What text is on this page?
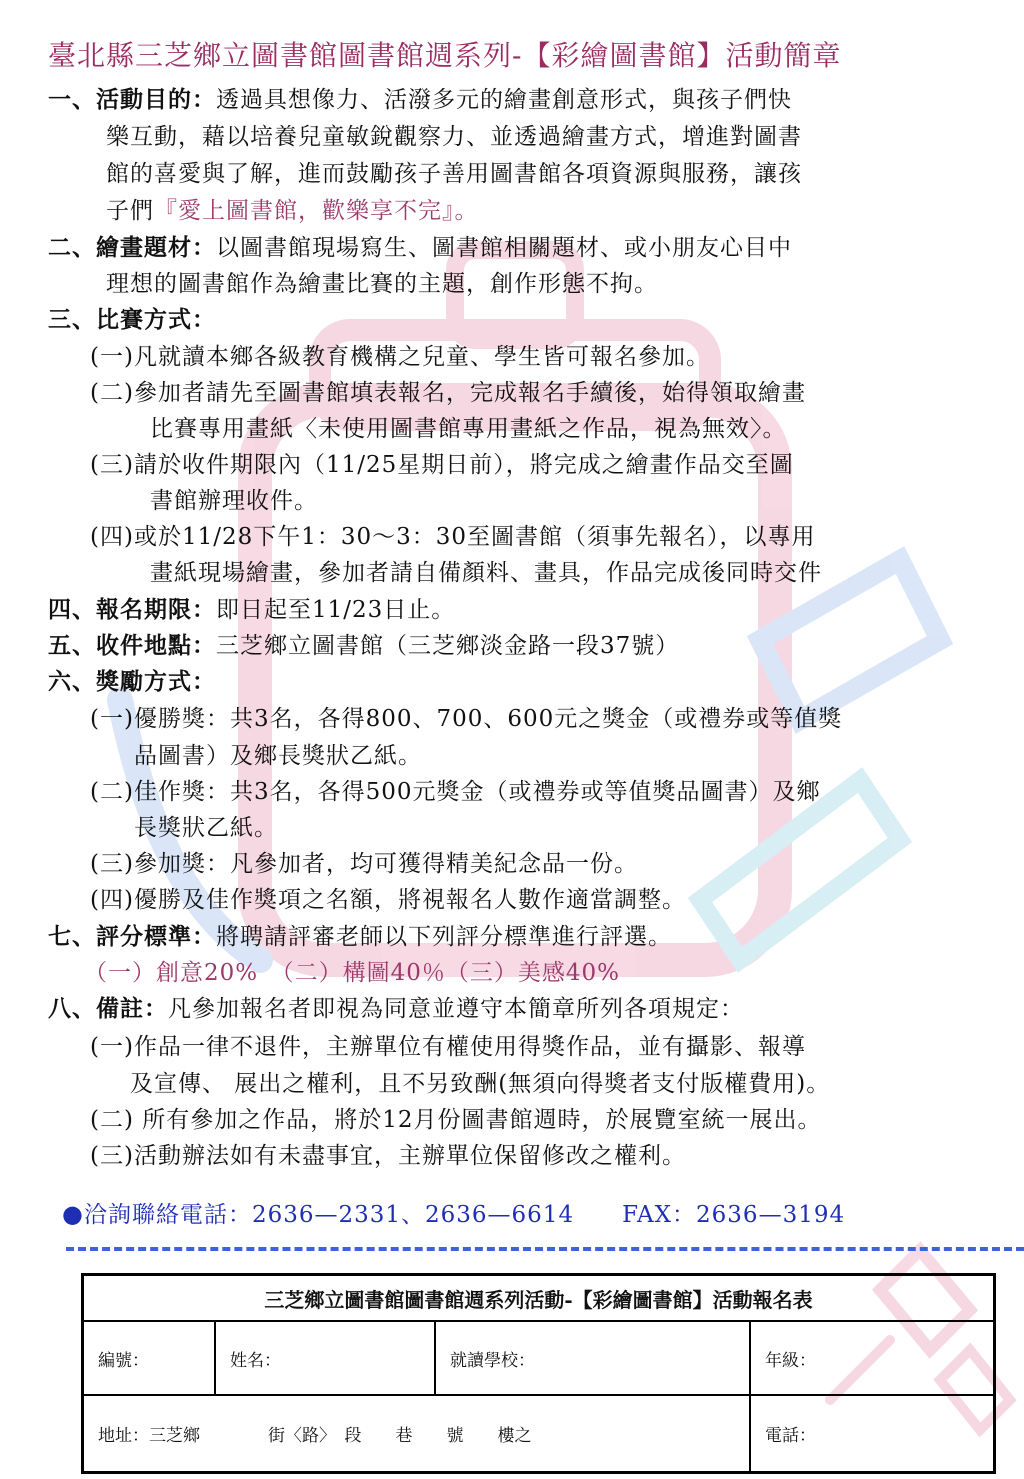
臺北縣三芝鄉立圖書館圖書館週系列-【彩繪圖書館】活動簡章
一、活動目的：透過具想像力、活潑多元的繪畫創意形式，與孩子們快
樂互動，藉以培養兒童敏銳觀察力、並透過繪畫方式，增進對圖書
館的喜愛與了解，進而鼓勵孩子善用圖書館各項資源與服務，讓孩
子們『愛上圖書館，歡樂享不完』。
二、繪畫題材：以圖書館現場寫生、圖書館相關題材、或小朋友心目中
理想的圖書館作為繪畫比賽的主題，創作形態不拘。
三、比賽方式：
(一)凡就讀本鄉各級教育機構之兒童、學生皆可報名參加。
(二)參加者請先至圖書館填表報名，完成報名手續後，始得領取繪畫
比賽專用畫紙〈未使用圖書館專用畫紙之作品，視為無效〉。
(三)請於收件期限內（11/25星期日前），將完成之繪畫作品交至圖
書館辦理收件。
(四)或於11/28下午1：30～3：30至圖書館（須事先報名），以專用
畫紙現場繪畫，參加者請自備顏料、畫具，作品完成後同時交件
四、報名期限：即日起至11/23日止。
五、收件地點：三芝鄉立圖書館（三芝鄉淡金路一段37號）
六、獎勵方式：
(一)優勝獎：共3名，各得800、700、600元之獎金（或禮券或等值獎
品圖書）及鄉長獎狀乙紙。
(二)佳作獎：共3名，各得500元獎金（或禮券或等值獎品圖書）及鄉
長獎狀乙紙。
(三)參加獎：凡參加者，均可獲得精美紀念品一份。
(四)優勝及佳作獎項之名額，將視報名人數作適當調整。
七、評分標準：將聘請評審老師以下列評分標準進行評選。
（一）創意20%　（二）構圖40％（三）美感40%
八、備註：凡參加報名者即視為同意並遵守本簡章所列各項規定：
(一)作品一律不退件，主辦單位有權使用得獎作品，並有攝影、報導
及宣傳、 展出之權利，且不另致酬(無須向得獎者支付版權費用)。
(二) 所有參加之作品，將於12月份圖書館週時，於展覽室統一展出。
(三)活動辦法如有未盡事宜，主辦單位保留修改之權利。
●洽詢聯絡電話：2636—2331、2636—6614　　FAX：2636—3194
三芝鄉立圖書館圖書館週系列活動-【彩繪圖書館】活動報名表			
編號：	姓名：	就讀學校：	年級：
地址：三芝鄉　　　　街〈路〉　段　　巷　　號　　樓之			電話：
